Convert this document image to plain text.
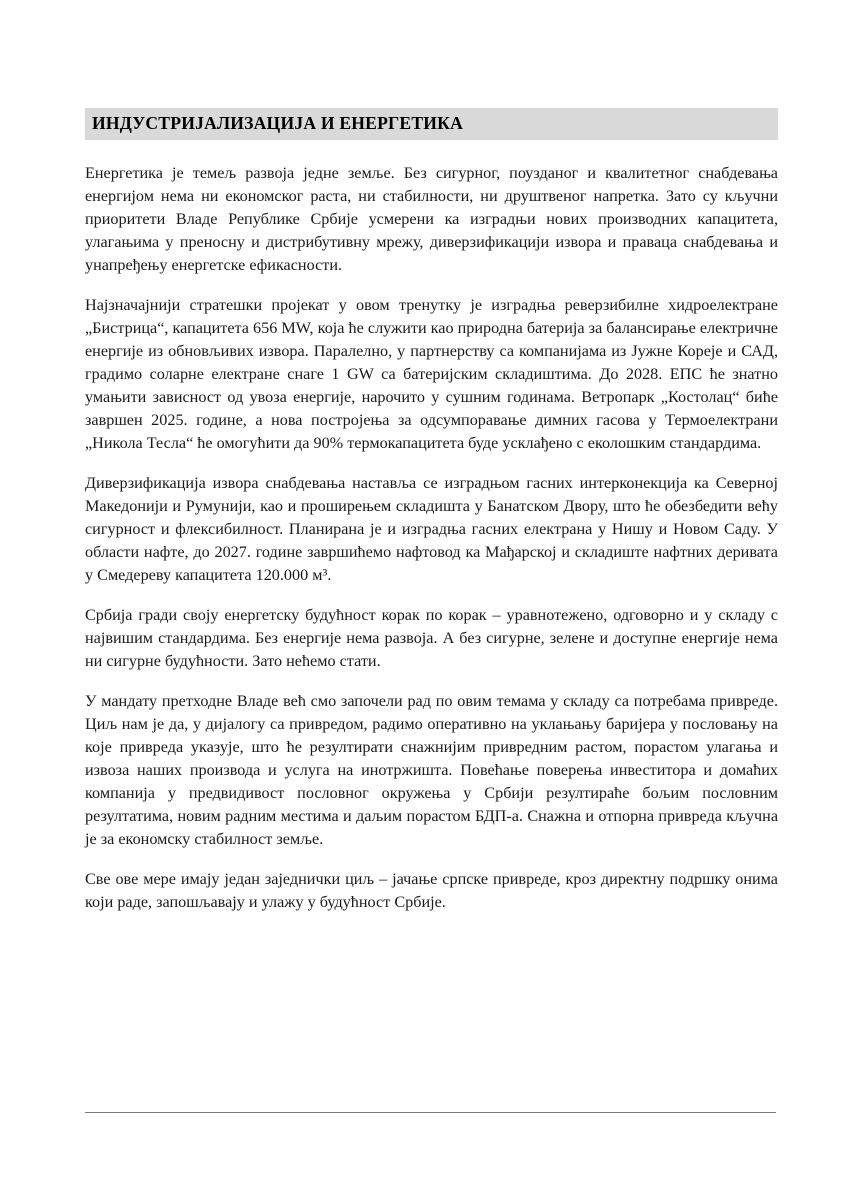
ИНДУСТРИЈАЛИЗАЦИЈА И ЕНЕРГЕТИКА

Енергетика је темељ развоја једне земље. Без сигурног, поузданог и квалитетног снабдевања енергијом нема ни економског раста, ни стабилности, ни друштвеног напретка. Зато су кључни приоритети Владе Републике Србије усмерени ка изградњи нових производних капацитета, улагањима у преносну и дистрибутивну мрежу, диверзификацији извора и праваца снабдевања и унапређењу енергетске ефикасности.

Најзначајнији стратешки пројекат у овом тренутку је изградња реверзибилне хидроелектране „Бистрица“, капацитета 656 MW, која ће служити као природна батерија за балансирање електричне енергије из обновљивих извора. Паралелно, у партнерству са компанијама из Јужне Кореје и САД, градимо соларне електране снаге 1 GW са батеријским складиштима. До 2028. ЕПС ће знатно умањити зависност од увоза енергије, нарочито у сушним годинама. Ветропарк „Костолац“ биће завршен 2025. године, а нова постројења за одсумпоравање димних гасова у Термоелектрани „Никола Тесла“ ће омогућити да 90% термокапацитета буде усклађено с еколошким стандардима.

Диверзификација извора снабдевања наставља се изградњом гасних интерконекција ка Северној Македонији и Румунији, као и проширењем складишта у Банатском Двору, што ће обезбедити већу сигурност и флексибилност. Планирана је и изградња гасних електрана у Нишу и Новом Саду. У области нафте, до 2027. године завршићемо нафтовод ка Мађарској и складиште нафтних деривата у Смедереву капацитета 120.000 м³.

Србија гради своју енергетску будућност корак по корак – уравнотежено, одговорно и у складу с највишим стандардима. Без енергије нема развоја. А без сигурне, зелене и доступне енергије нема ни сигурне будућности. Зато нећемо стати.

У мандату претходне Владе већ смо започели рад по овим темама у складу са потребама привреде. Циљ нам је да, у дијалогу са привредом, радимо оперативно на уклањању баријера у пословању на које привреда указује, што ће резултирати снажнијим привредним растом, порастом улагања и извоза наших производа и услуга на инотржишта. Повећање поверења инвеститора и домаћих компанија у предвидивост пословног окружења у Србији резултираће бољим пословним резултатима, новим радним местима и даљим порастом БДП-а. Снажна и отпорна привреда кључна је за економску стабилност земље.

Све ове мере имају један заједнички циљ – јачање српске привреде, кроз директну подршку онима који раде, запошљавају и улажу у будућност Србије.
